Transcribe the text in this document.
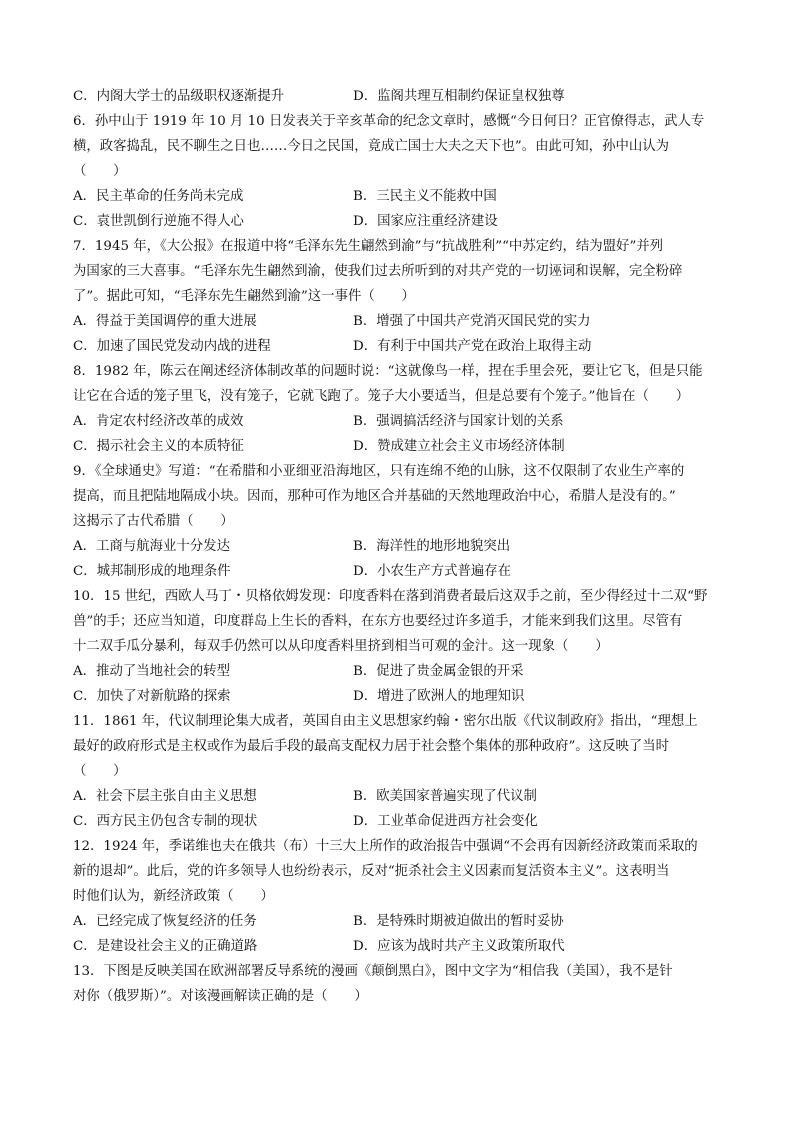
C．内阁大学士的品级职权逐渐提升	D．监阁共理互相制约保证皇权独尊
6．孙中山于 1919 年 10 月 10 日发表关于辛亥革命的纪念文章时，感慨“今日何日？正官僚得志，武人专
横，政客捣乱，民不聊生之日也……今日之民国，竟成亡国士大夫之天下也”。由此可知，孙中山认为
（　　）
A．民主革命的任务尚未完成	B．三民主义不能救中国
C．袁世凯倒行逆施不得人心	D．国家应注重经济建设
7．1945 年，《大公报》在报道中将“毛泽东先生翩然到渝”与“抗战胜利”“中苏定约，结为盟好”并列
为国家的三大喜事。“毛泽东先生翩然到渝，使我们过去所听到的对共产党的一切诬词和误解，完全粉碎
了”。据此可知，“毛泽东先生翩然到渝”这一事件（　　）
A．得益于美国调停的重大进展	B．增强了中国共产党消灭国民党的实力
C．加速了国民党发动内战的进程	D．有利于中国共产党在政治上取得主动
8．1982 年，陈云在阐述经济体制改革的问题时说：“这就像鸟一样，捏在手里会死，要让它飞，但是只能
让它在合适的笼子里飞，没有笼子，它就飞跑了。笼子大小要适当，但是总要有个笼子。”他旨在（　　）
A．肯定农村经济改革的成效	B．强调搞活经济与国家计划的关系
C．揭示社会主义的本质特征	D．赞成建立社会主义市场经济体制
9．《全球通史》写道：“在希腊和小亚细亚沿海地区，只有连绵不绝的山脉，这不仅限制了农业生产率的
提高，而且把陆地隔成小块。因而，那种可作为地区合并基础的天然地理政治中心，希腊人是没有的。”
这揭示了古代希腊（　　）
A．工商与航海业十分发达	B．海洋性的地形地貌突出
C．城邦制形成的地理条件	D．小农生产方式普遍存在
10．15 世纪，西欧人马丁・贝格依姆发现：印度香料在落到消费者最后这双手之前，至少得经过十二双“野
兽”的手；还应当知道，印度群岛上生长的香料，在东方也要经过许多道手，才能来到我们这里。尽管有
十二双手瓜分暴利，每双手仍然可以从印度香料里挤到相当可观的金汁。这一现象（　　）
A．推动了当地社会的转型	B．促进了贵金属金银的开采
C．加快了对新航路的探索	D．增进了欧洲人的地理知识
11．1861 年，代议制理论集大成者，英国自由主义思想家约翰・密尔出版《代议制政府》指出，“理想上
最好的政府形式是主权或作为最后手段的最高支配权力居于社会整个集体的那种政府”。这反映了当时
（　　）
A．社会下层主张自由主义思想	B．欧美国家普遍实现了代议制
C．西方民主仍包含专制的现状	D．工业革命促进西方社会变化
12．1924 年，季诺维也夫在俄共（布）十三大上所作的政治报告中强调“不会再有因新经济政策而采取的
新的退却”。此后，党的许多领导人也纷纷表示，反对“扼杀社会主义因素而复活资本主义”。这表明当
时他们认为，新经济政策（　　）
A．已经完成了恢复经济的任务	B．是特殊时期被迫做出的暂时妥协
C．是建设社会主义的正确道路	D．应该为战时共产主义政策所取代
13．下图是反映美国在欧洲部署反导系统的漫画《颠倒黑白》，图中文字为“相信我（美国），我不是针
对你（俄罗斯）”。对该漫画解读正确的是（　　）
